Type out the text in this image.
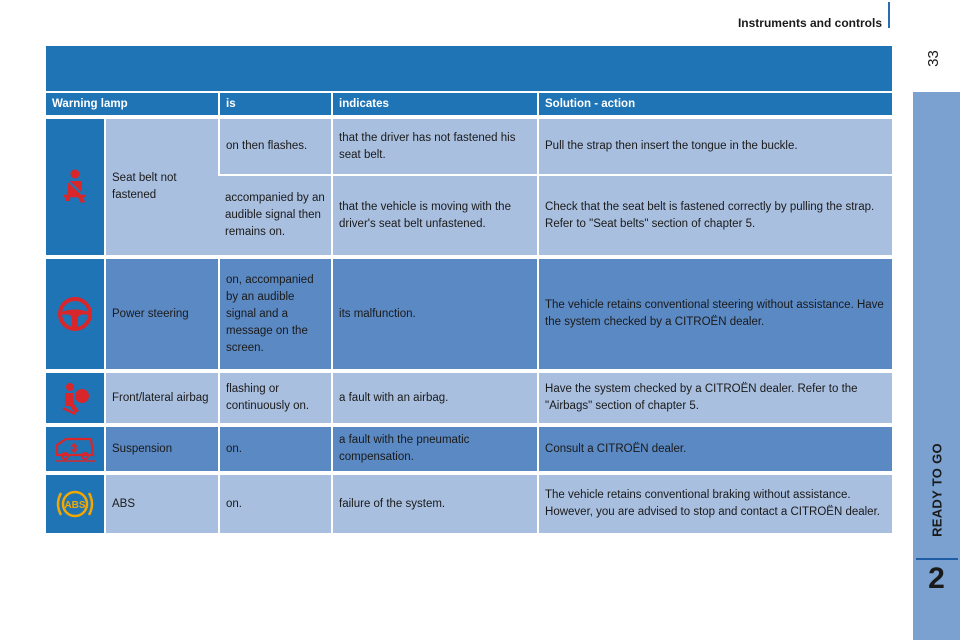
Instruments and controls
33
READY TO GO
2
Warning lamp		is	indicates	Solution - action

	Seat belt not fastened	on then flashes.	that the driver has not fastened his seat belt.	Pull the strap then insert the tongue in the buckle.
		accompanied by an audible signal then remains on.	that the vehicle is moving with the driver's seat belt unfastened.	Check that the seat belt is fastened correctly by pulling the strap. Refer to "Seat belts" section of chapter 5.

	Power steering	on, accompanied by an audible signal and a message on the screen.	its malfunction.	The vehicle retains conventional steering without assistance. Have the system checked by a CITROËN dealer.

	Front/lateral airbag	flashing or continuously on.	a fault with an airbag.	Have the system checked by a CITROËN dealer. Refer to the "Airbags" section of chapter 5.

	Suspension	on.	a fault with the pneumatic compensation.	Consult a CITROËN dealer.

ABS	ABS	on.	failure of the system.	The vehicle retains conventional braking without assistance. However, you are advised to stop and contact a CITROËN dealer.
